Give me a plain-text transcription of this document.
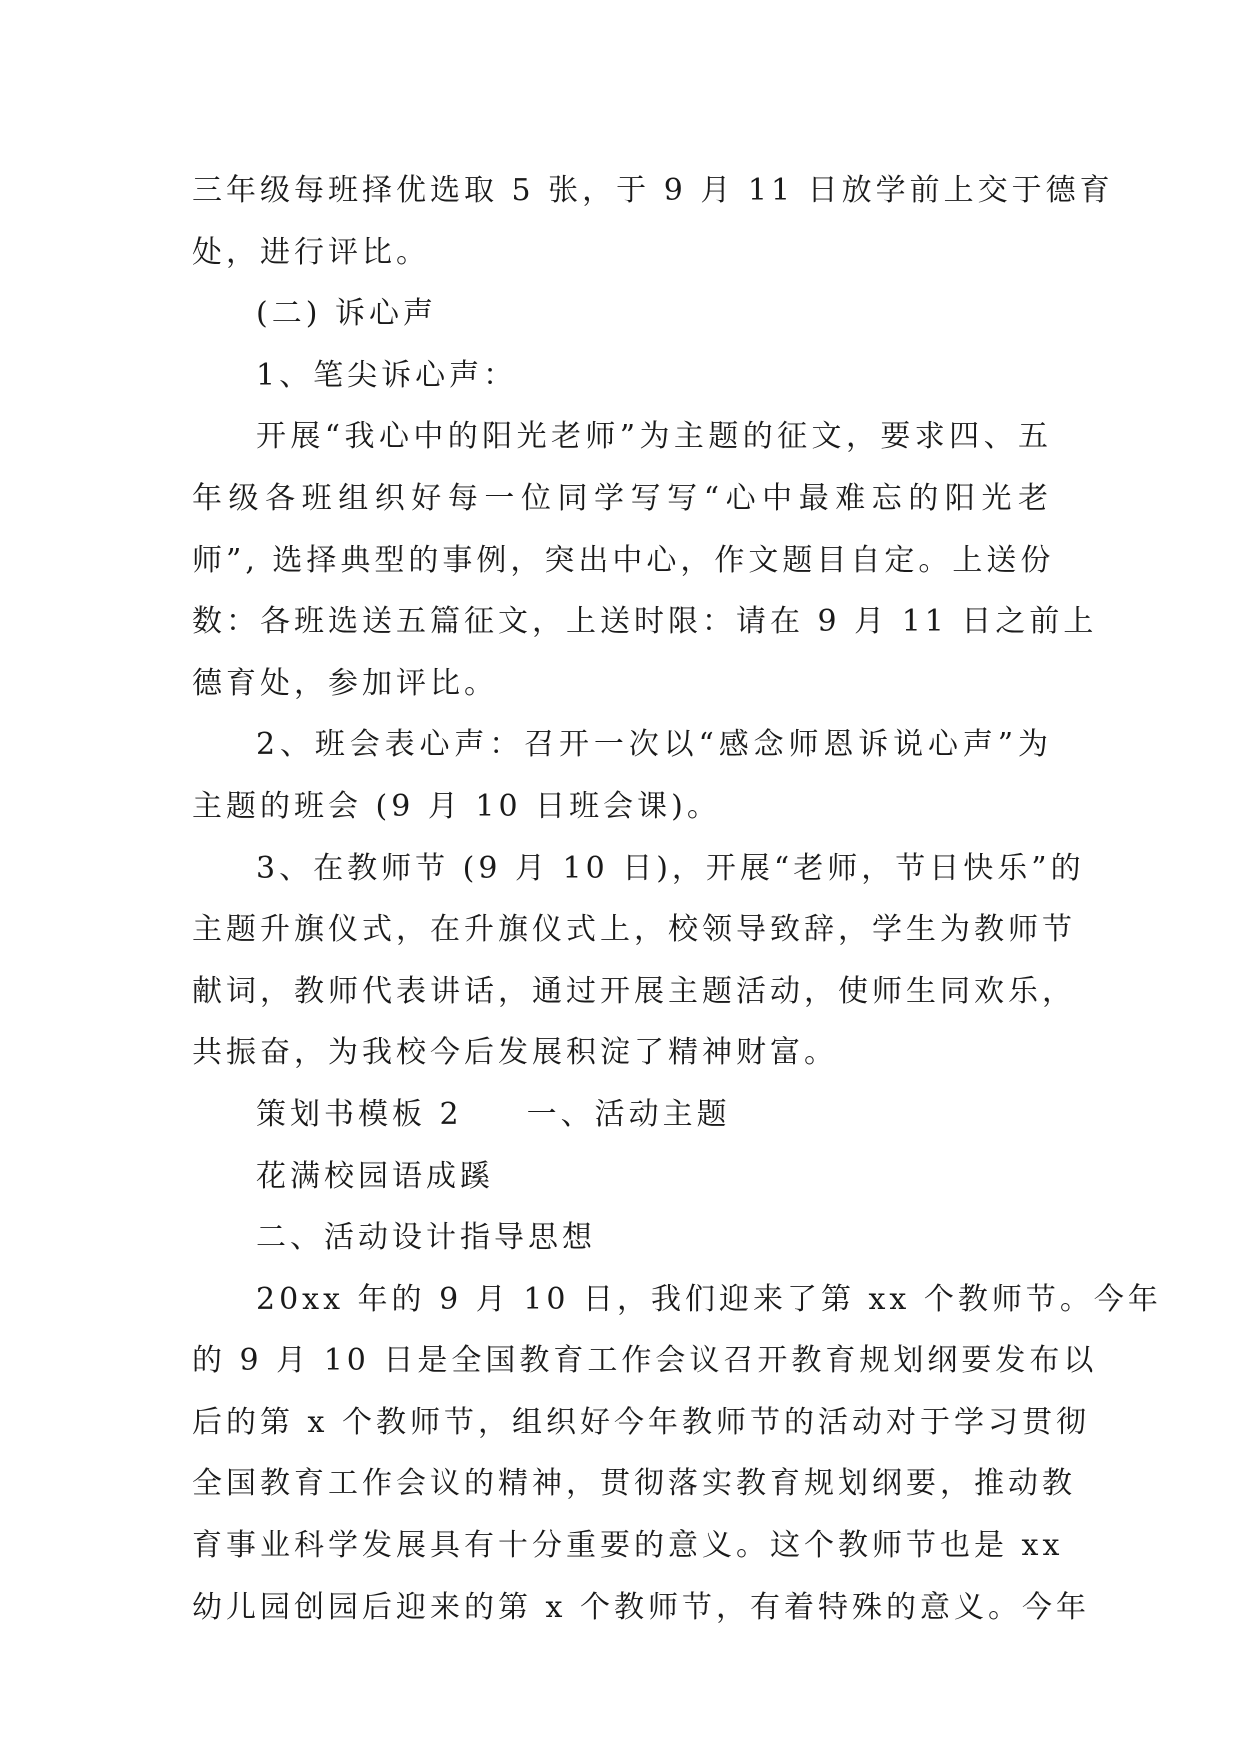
三年级每班择优选取 5 张，于 9 月 11 日放学前上交于德育
处，进行评比。
(二) 诉心声
1、笔尖诉心声：
开展“我心中的阳光老师”为主题的征文，要求四、五
年级各班组织好每一位同学写写“心中最难忘的阳光老
师”, 选择典型的事例，突出中心，作文题目自定。上送份
数：各班选送五篇征文，上送时限：请在 9 月 11 日之前上
德育处，参加评比。
2、班会表心声：召开一次以“感念师恩诉说心声”为
主题的班会 (9 月 10 日班会课)。
3、在教师节 (9 月 10 日)，开展“老师，节日快乐”的
主题升旗仪式，在升旗仪式上，校领导致辞，学生为教师节
献词，教师代表讲话，通过开展主题活动，使师生同欢乐，
共振奋，为我校今后发展积淀了精神财富。
策划书模板 2 一、活动主题
花满校园语成蹊
二、活动设计指导思想
20xx 年的 9 月 10 日，我们迎来了第 xx 个教师节。今年
的 9 月 10 日是全国教育工作会议召开教育规划纲要发布以
后的第 x 个教师节，组织好今年教师节的活动对于学习贯彻
全国教育工作会议的精神，贯彻落实教育规划纲要，推动教
育事业科学发展具有十分重要的意义。这个教师节也是 xx
幼儿园创园后迎来的第 x 个教师节，有着特殊的意义。今年
